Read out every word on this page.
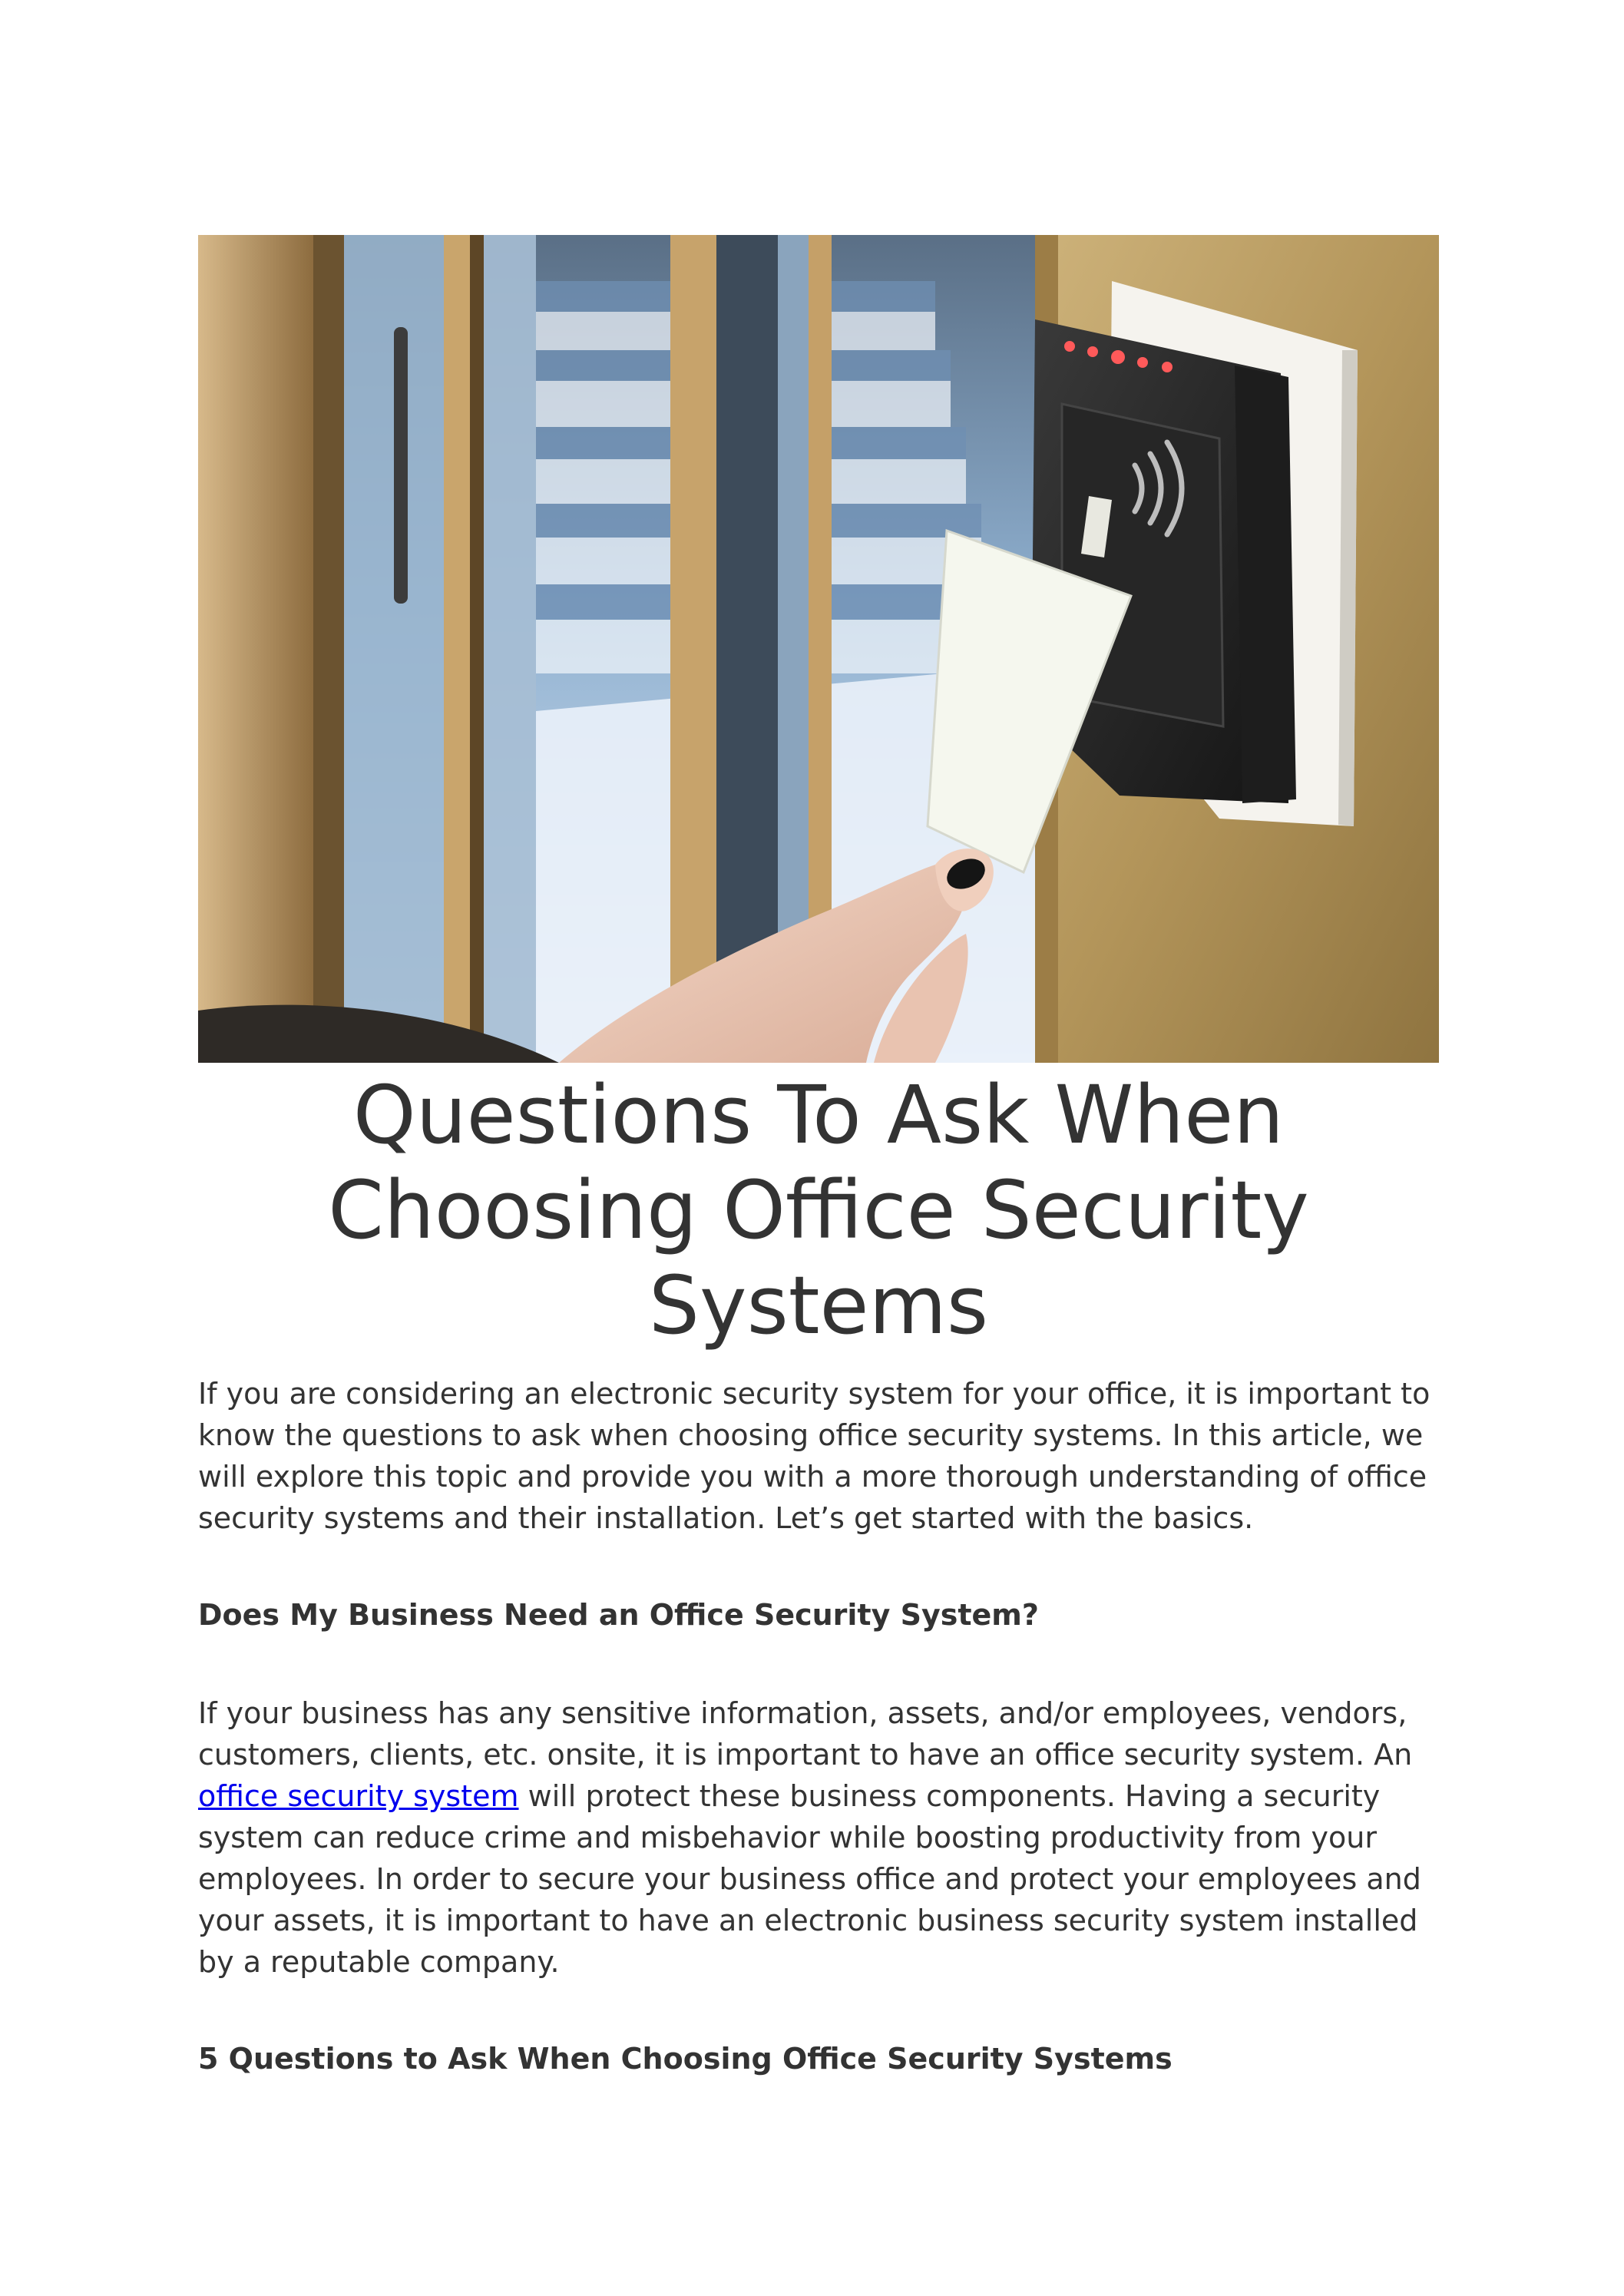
Questions To Ask When Choosing Office Security Systems

If you are considering an electronic security system for your office, it is important to know the questions to ask when choosing office security systems. In this article, we will explore this topic and provide you with a more thorough understanding of office security systems and their installation. Let’s get started with the basics.

Does My Business Need an Office Security System?

If your business has any sensitive information, assets, and/or employees, vendors, customers, clients, etc. onsite, it is important to have an office security system. An office security system will protect these business components. Having a security system can reduce crime and misbehavior while boosting productivity from your employees. In order to secure your business office and protect your employees and your assets, it is important to have an electronic business security system installed by a reputable company.

5 Questions to Ask When Choosing Office Security Systems
